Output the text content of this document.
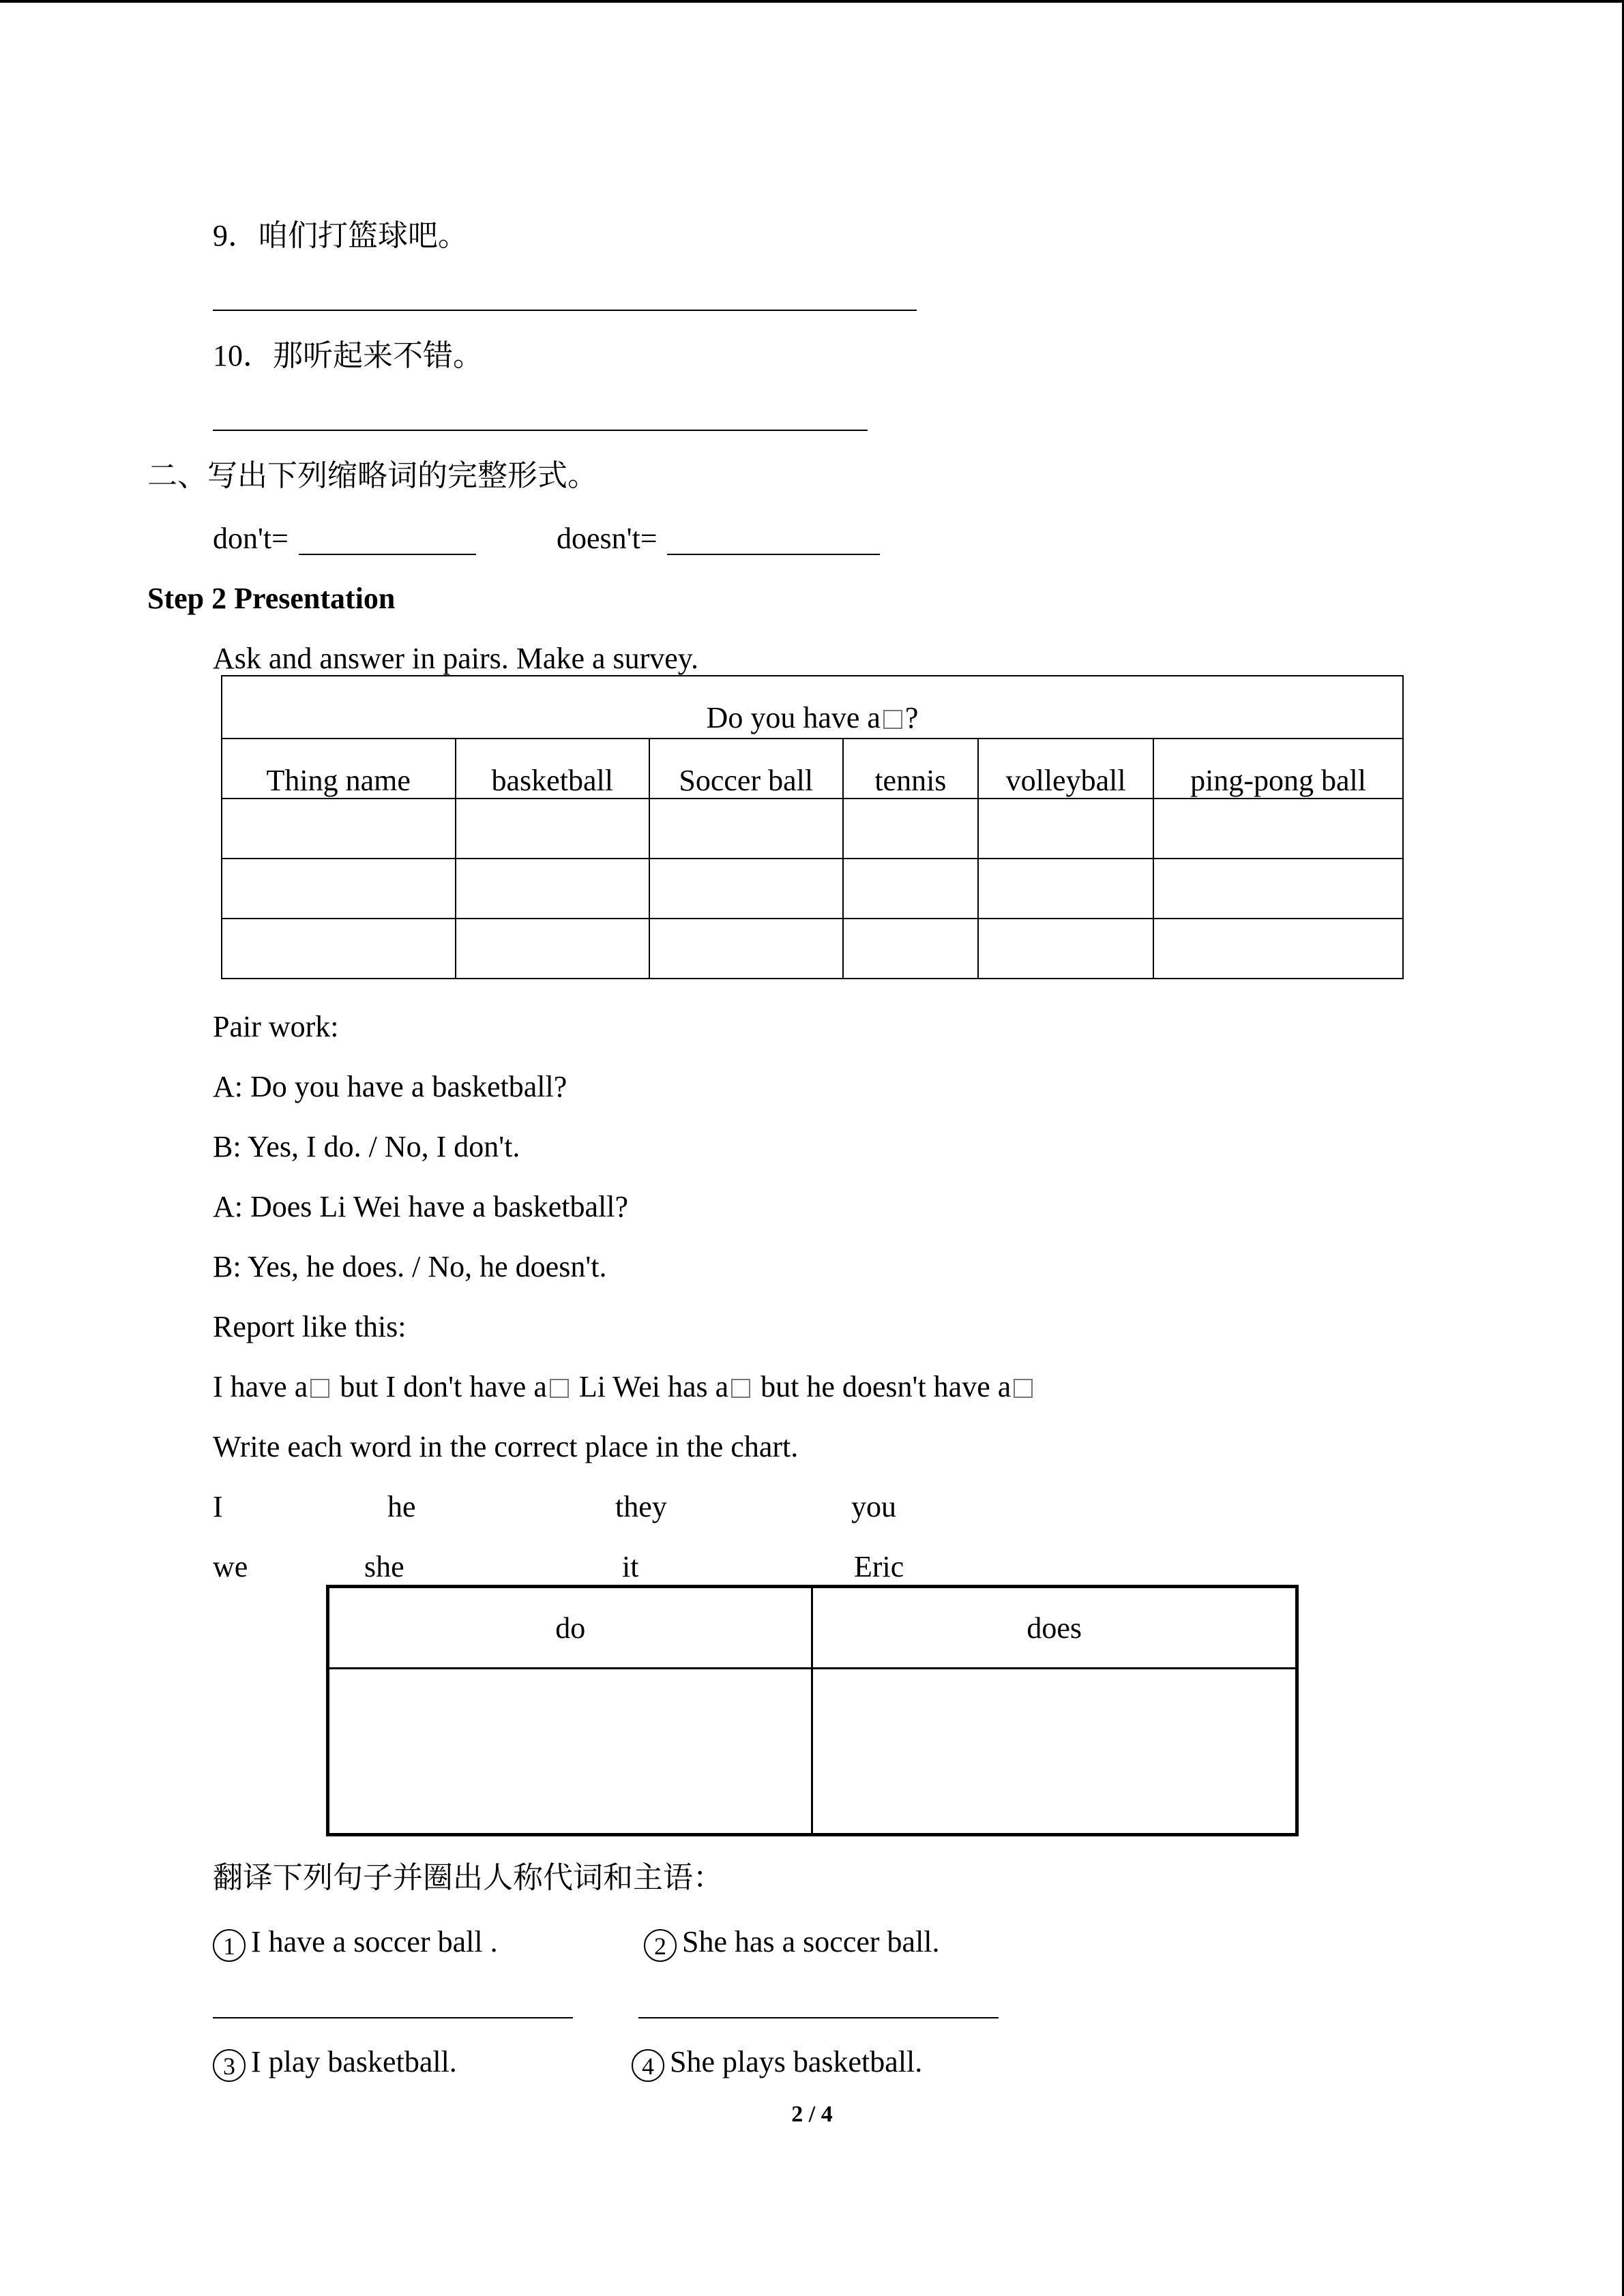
9．咱们打篮球吧。
10．那听起来不错。
二、写出下列缩略词的完整形式。
don't=	doesn't=
Step 2 Presentation
Ask and answer in pairs. Make a survey.
Do you have a ?					
Thing name	basketball	Soccer ball	tennis	volleyball	ping-pong ball

Pair work:
A: Do you have a basketball?
B: Yes, I do. / No, I don't.
A: Does Li Wei have a basketball?
B: Yes, he does. / No, he doesn't.
Report like this:
I have a but I don't have a Li Wei has a but he doesn't have a
Write each word in the correct place in the chart.
I	he	they	you
we	she	it	Eric
do	does

翻译下列句子并圈出人称代词和主语：
1 I have a soccer ball .	2 She has a soccer ball.
3 I play basketball.	4 She plays basketball.
2 / 4
